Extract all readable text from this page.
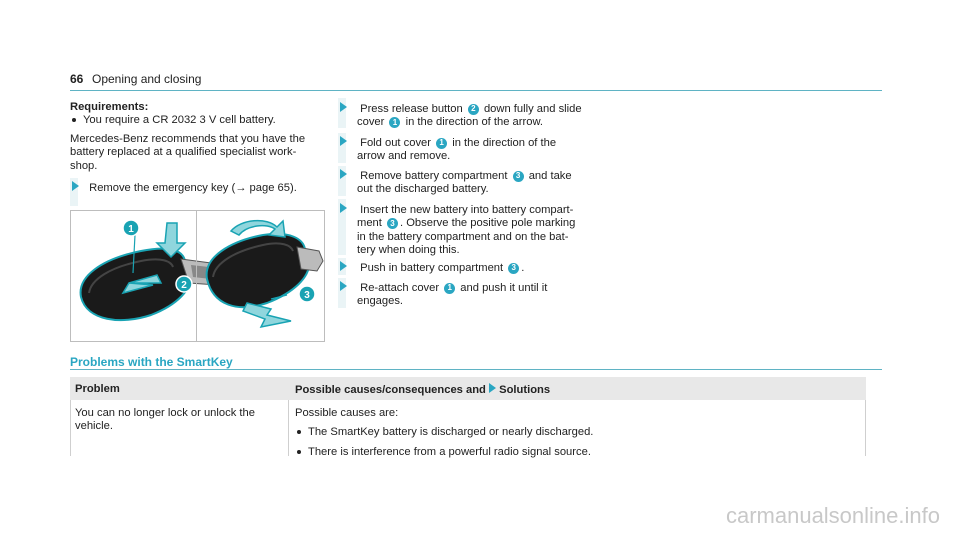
66 Opening and closing
Requirements:
You require a CR 2032 3 V cell battery.
Mercedes-Benz recommends that you have the
battery replaced at a qualified specialist work-
shop.
Remove the emergency key (→ page 65).
1
2
3
Press release button 2 down fully and slide
cover 1 in the direction of the arrow.
Fold out cover 1 in the direction of the
arrow and remove.
Remove battery compartment 3 and take
out the discharged battery.
Insert the new battery into battery compart-
ment 3 . Observe the positive pole marking
in the battery compartment and on the bat-
tery when doing this.
Push in battery compartment 3 .
Re-attach cover 1 and push it until it
engages.
Problems with the SmartKey
Problem	Possible causes/consequences and Solutions
You can no longer lock or unlock the
vehicle.
Possible causes are:
The SmartKey battery is discharged or nearly discharged.
There is interference from a powerful radio signal source.
carmanualsonline.info
